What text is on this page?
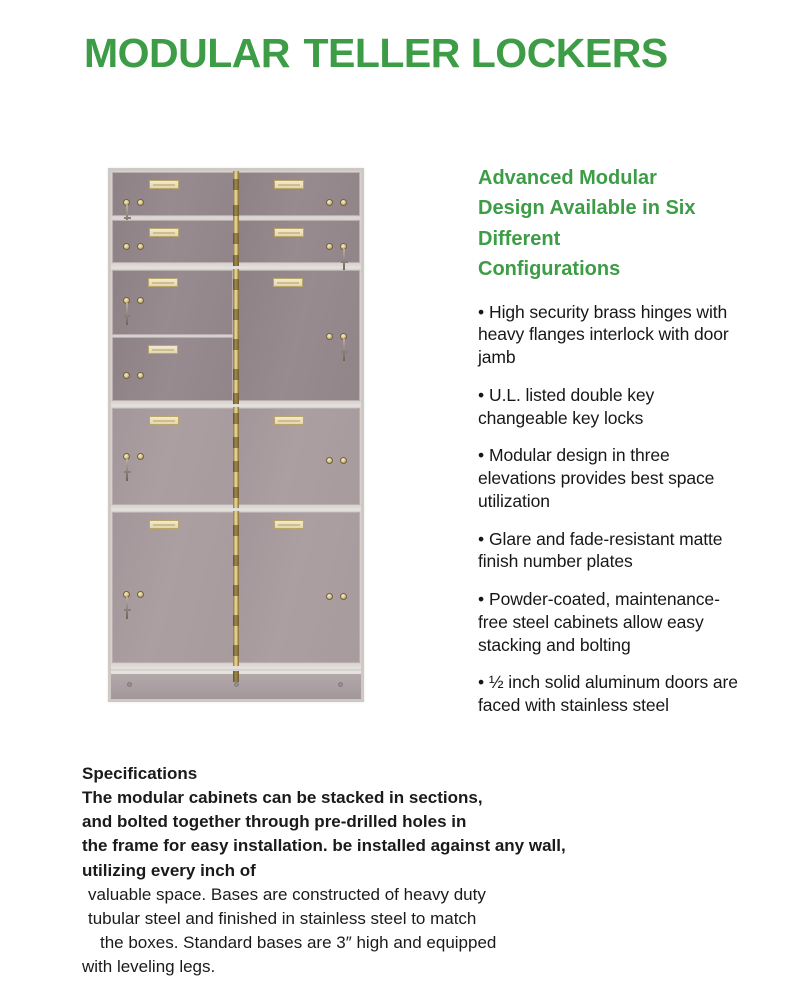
MODULAR TELLER LOCKERS
Advanced Modular
Design Available in Six
Different
Configurations
• High security brass hinges with heavy flanges interlock with door jamb
• U.L. listed double key changeable key locks
• Modular design in three elevations provides best space utilization
• Glare and fade-resistant matte finish number plates
• Powder-coated, maintenance-free steel cabinets allow easy stacking and bolting
• ½ inch solid aluminum doors are faced with stainless steel
Specifications
The modular cabinets can be stacked in sections,
and bolted together through pre-drilled holes in
the frame for easy installation. be installed against any wall,
utilizing every inch of
valuable space. Bases are constructed of heavy duty
tubular steel and finished in stainless steel to match
the boxes. Standard bases are 3″ high and equipped
with leveling legs.
